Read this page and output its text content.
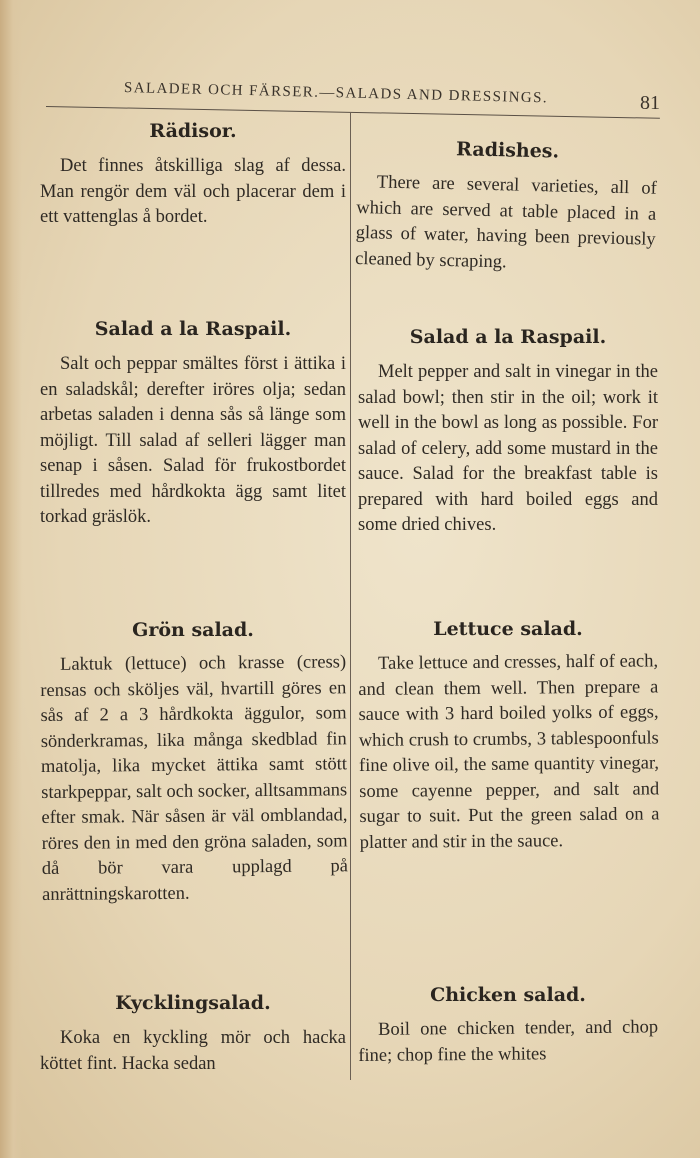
SALADER OCH FÄRSER.—SALADS AND DRESSINGS.	81
Rädisor.

Det finnes åtskilliga slag af dessa. Man rengör dem väl och placerar dem i ett vattenglas å bordet.

Salad a la Raspail.

Salt och peppar smältes först i ättika i en saladskål; derefter iröres olja; sedan arbetas saladen i denna sås så länge som möjligt. Till salad af selleri lägger man senap i såsen. Salad för frukostbordet tillredes med hårdkokta ägg samt litet torkad gräslök.

Grön salad.

Laktuk (lettuce) och krasse (cress) rensas och sköljes väl, hvartill göres en sås af 2 a 3 hårdkokta äggulor, som sönderkramas, lika många skedblad fin matolja, lika mycket ättika samt stött starkpeppar, salt och socker, alltsammans efter smak. När såsen är väl omblandad, röres den in med den gröna saladen, som då bör vara upplagd på anrättningskarotten.

Kycklingsalad.

Koka en kyckling mör och hacka köttet fint. Hacka sedan

Radishes.

There are several varieties, all of which are served at table placed in a glass of water, having been previously cleaned by scraping.

Salad a la Raspail.

Melt pepper and salt in vinegar in the salad bowl; then stir in the oil; work it well in the bowl as long as possible. For salad of celery, add some mustard in the sauce. Salad for the breakfast table is prepared with hard boiled eggs and some dried chives.

Lettuce salad.

Take lettuce and cresses, half of each, and clean them well. Then prepare a sauce with 3 hard boiled yolks of eggs, which crush to crumbs, 3 tablespoonfuls fine olive oil, the same quantity vinegar, some cayenne pepper, and salt and sugar to suit. Put the green salad on a platter and stir in the sauce.

Chicken salad.

Boil one chicken tender, and chop fine; chop fine the whites
